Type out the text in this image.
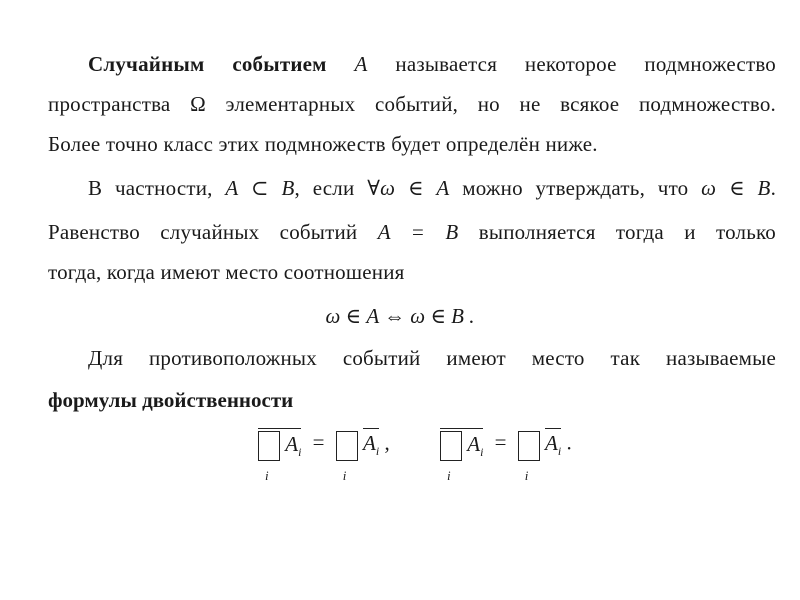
Случайным событием A называется некоторое подмножество
пространства Ω элементарных событий, но не всякое подмножество.
Более точно класс этих подмножеств будет определён ниже.
В частности, A ⊂ B, если ∀ω ∈ A можно утверждать, что ω ∈ B.
Равенство случайных событий A = B выполняется тогда и только
тогда, когда имеют место соотношения
ω ∈ A ⇔ ω ∈ B .
Для противоположных событий имеют место так называемые
формулы двойственности
i
$A_i$ =
i
$A_i$ ,
i
$A_i$ =
i
$A_i$ .
